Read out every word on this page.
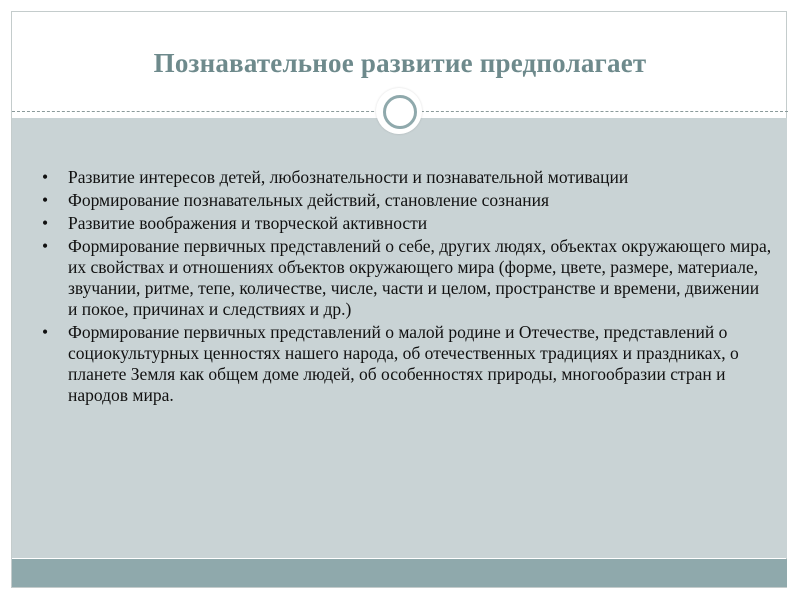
Познавательное развитие предполагает
• Развитие интересов детей, любознательности и познавательной мотивации
• Формирование познавательных действий, становление сознания
• Развитие воображения и творческой активности
• Формирование первичных представлений о себе, других людях, объектах окружающего мира, их свойствах и отношениях объектов окружающего мира (форме, цвете, размере, материале, звучании, ритме, тепе, количестве, числе, части и целом, пространстве и времени, движении и покое, причинах и следствиях и др.)
• Формирование первичных представлений о малой родине и Отечестве, представлений о социокультурных ценностях нашего народа, об отечественных традициях и праздниках, о планете Земля как общем доме людей, об особенностях природы, многообразии стран и народов мира.
